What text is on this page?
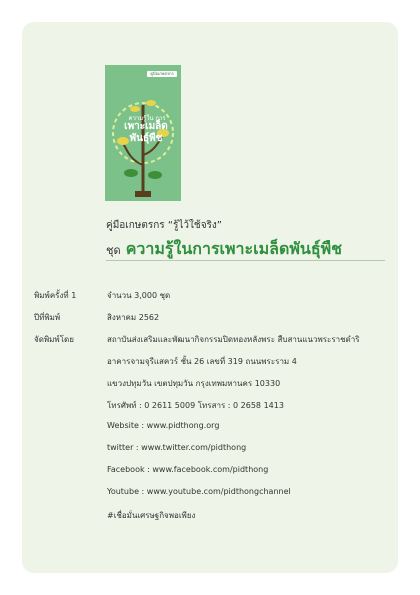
คู่มือเกษตรกร
ความรู้ใน การ
เพาะเมล็ด
พันธุ์พืช
คู่มือเกษตรกร “รู้ไว้ใช้จริง”
ชุด ความรู้ในการเพาะเมล็ดพันธุ์พืช
พิมพ์ครั้งที่ 1	จำนวน 3,000 ชุด
ปีที่พิมพ์	สิงหาคม 2562
จัดพิมพ์โดย	สถาบันส่งเสริมและพัฒนากิจกรรมปิดทองหลังพระ สืบสานแนวพระราชดำริ
อาคารจามจุรีแสควร์ ชั้น 26 เลขที่ 319 ถนนพระราม 4
แขวงปทุมวัน เขตปทุมวัน กรุงเทพมหานคร 10330
โทรศัพท์ : 0 2611 5009 โทรสาร : 0 2658 1413
Website : www.pidthong.org
twitter : www.twitter.com/pidthong
Facebook : www.facebook.com/pidthong
Youtube : www.youtube.com/pidthongchannel
#เชื่อมั่นเศรษฐกิจพอเพียง
